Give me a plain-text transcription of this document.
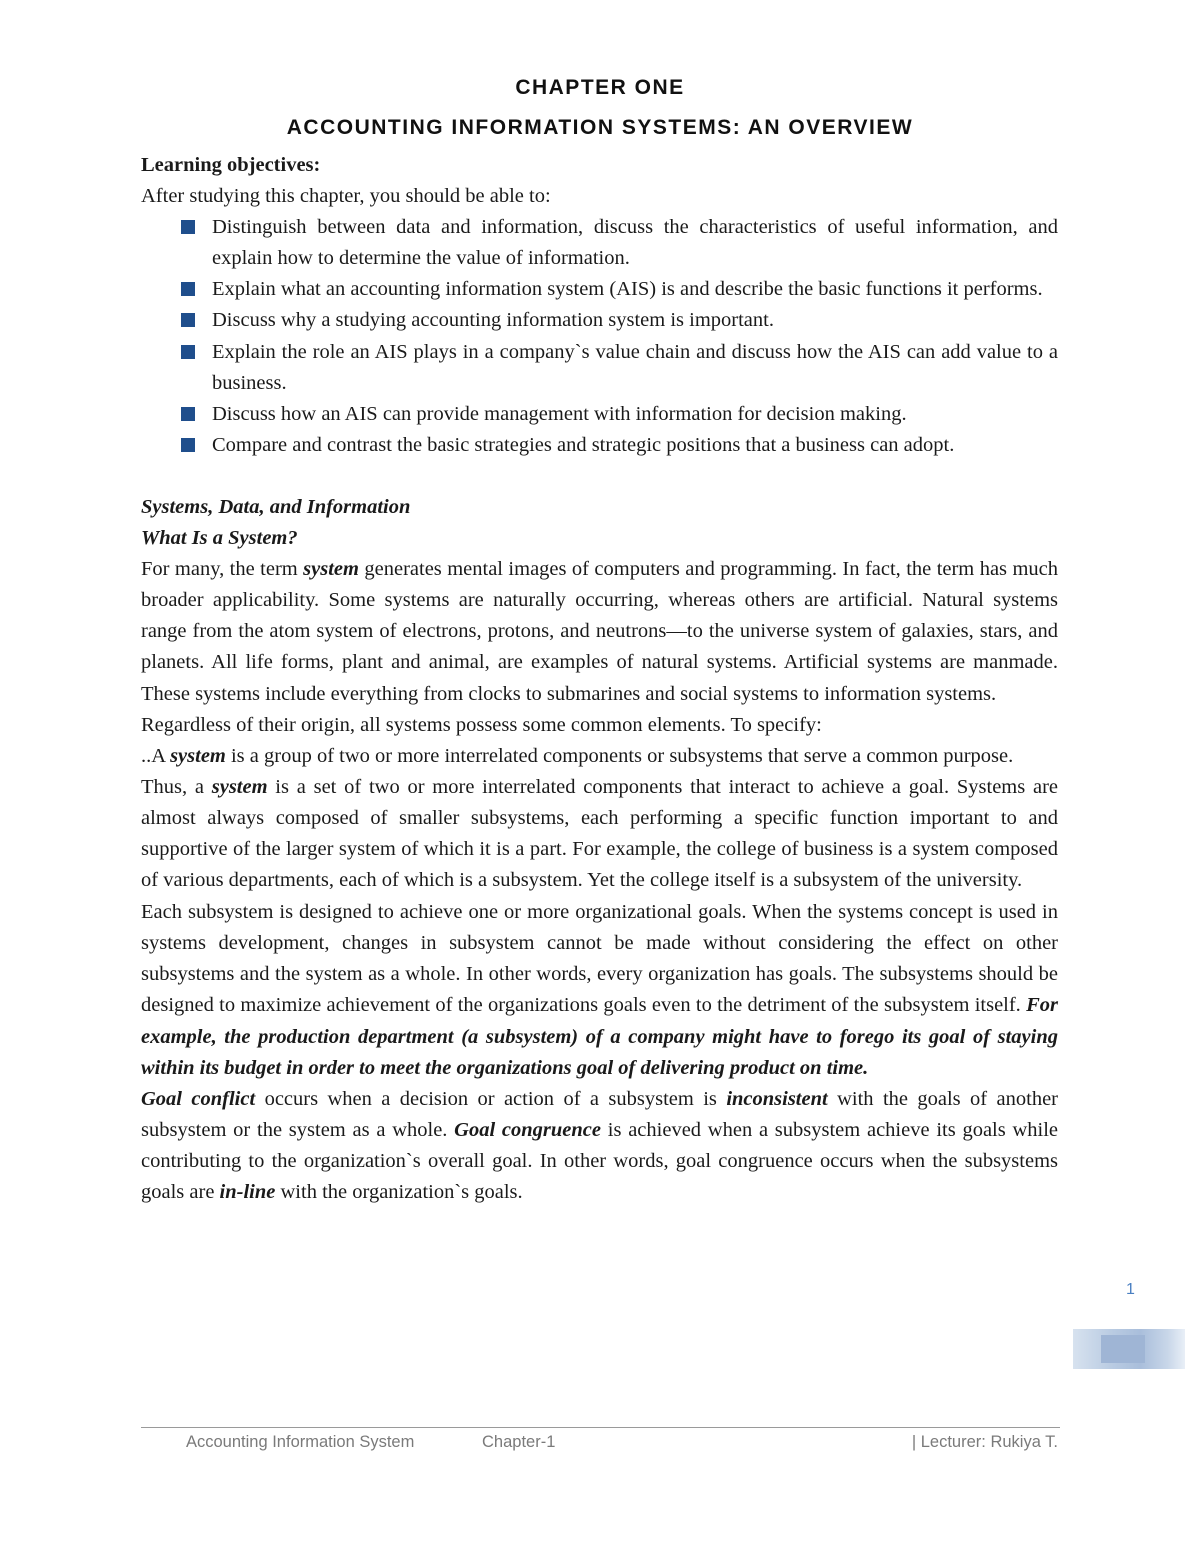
CHAPTER ONE
ACCOUNTING INFORMATION SYSTEMS: AN OVERVIEW

Learning objectives:

After studying this chapter, you should be able to:

Distinguish between data and information, discuss the characteristics of useful information, and explain how to determine the value of information.
Explain what an accounting information system (AIS) is and describe the basic functions it performs.
Discuss why a studying accounting information system is important.
Explain the role an AIS plays in a company`s value chain and discuss how the AIS can add value to a business.
Discuss how an AIS can provide management with information for decision making.
Compare and contrast the basic strategies and strategic positions that a business can adopt.

Systems, Data, and Information

What Is a System?

For many, the term system generates mental images of computers and programming. In fact, the term has much broader applicability. Some systems are naturally occurring, whereas others are artificial. Natural systems range from the atom system of electrons, protons, and neutrons—to the universe system of galaxies, stars, and planets. All life forms, plant and animal, are examples of natural systems. Artificial systems are manmade. These systems include everything from clocks to submarines and social systems to information systems.

Regardless of their origin, all systems possess some common elements. To specify:

..A system is a group of two or more interrelated components or subsystems that serve a common purpose.

Thus, a system is a set of two or more interrelated components that interact to achieve a goal. Systems are almost always composed of smaller subsystems, each performing a specific function important to and supportive of the larger system of which it is a part. For example, the college of business is a system composed of various departments, each of which is a subsystem. Yet the college itself is a subsystem of the university.

Each subsystem is designed to achieve one or more organizational goals. When the systems concept is used in systems development, changes in subsystem cannot be made without considering the effect on other subsystems and the system as a whole. In other words, every organization has goals. The subsystems should be designed to maximize achievement of the organizations goals even to the detriment of the subsystem itself. For example, the production department (a subsystem) of a company might have to forego its goal of staying within its budget in order to meet the organizations goal of delivering product on time.

Goal conflict occurs when a decision or action of a subsystem is inconsistent with the goals of another subsystem or the system as a whole. Goal congruence is achieved when a subsystem achieve its goals while contributing to the organization`s overall goal. In other words, goal congruence occurs when the subsystems goals are in-line with the organization`s goals.

1
Accounting Information System	Chapter-1	| Lecturer: Rukiya T.
